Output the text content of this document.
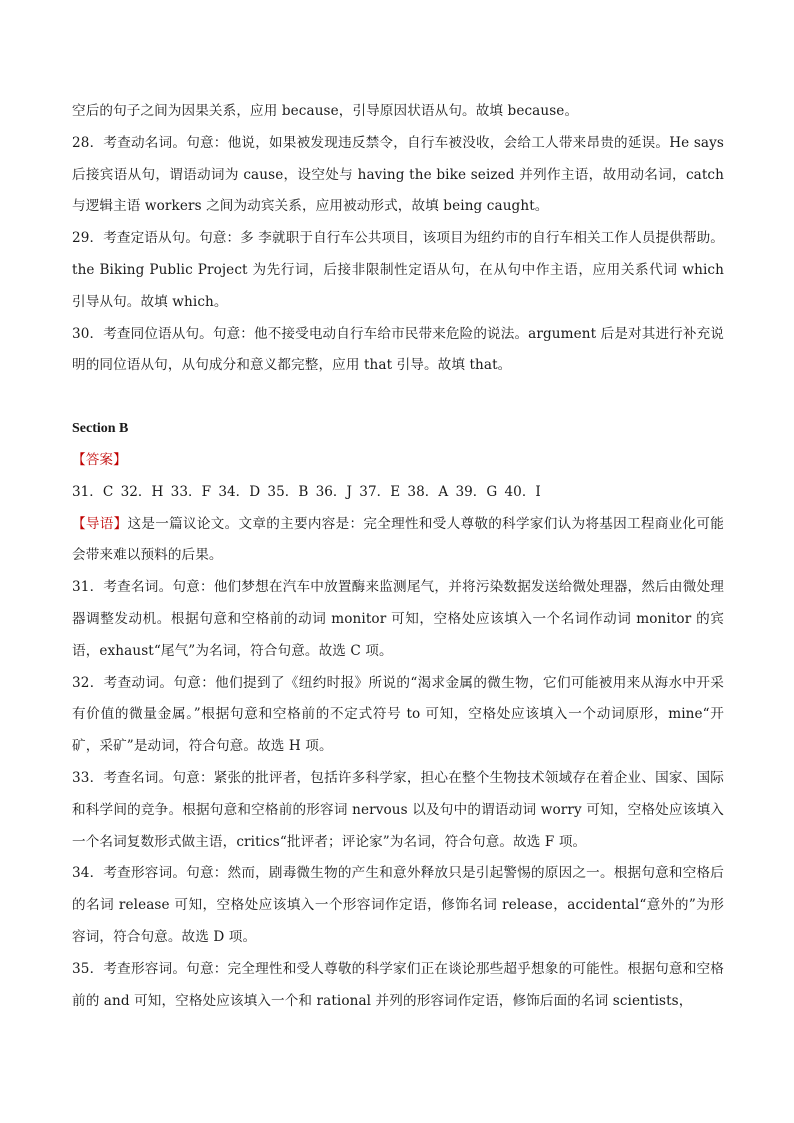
空后的句子之间为因果关系，应用 because，引导原因状语从句。故填 because。

28．考查动名词。句意：他说，如果被发现违反禁令，自行车被没收，会给工人带来昂贵的延误。He says 后接宾语从句，谓语动词为 cause，设空处与 having the bike seized 并列作主语，故用动名词，catch 与逻辑主语 workers 之间为动宾关系，应用被动形式，故填 being caught。

29．考查定语从句。句意：多 李就职于自行车公共项目，该项目为纽约市的自行车相关工作人员提供帮助。the Biking Public Project 为先行词，后接非限制性定语从句，在从句中作主语，应用关系代词 which 引导从句。故填 which。

30．考查同位语从句。句意：他不接受电动自行车给市民带来危险的说法。argument 后是对其进行补充说明的同位语从句，从句成分和意义都完整，应用 that 引导。故填 that。

Section B

【答案】

31．C 32．H 33．F 34．D 35．B 36．J 37．E 38．A 39．G 40．I

【导语】这是一篇议论文。文章的主要内容是：完全理性和受人尊敬的科学家们认为将基因工程商业化可能会带来难以预料的后果。

31．考查名词。句意：他们梦想在汽车中放置酶来监测尾气，并将污染数据发送给微处理器，然后由微处理器调整发动机。根据句意和空格前的动词 monitor 可知，空格处应该填入一个名词作动词 monitor 的宾语，exhaust“尾气”为名词，符合句意。故选 C 项。

32．考查动词。句意：他们提到了《纽约时报》所说的“渴求金属的微生物，它们可能被用来从海水中开采有价值的微量金属。”根据句意和空格前的不定式符号 to 可知，空格处应该填入一个动词原形，mine“开矿，采矿”是动词，符合句意。故选 H 项。

33．考查名词。句意：紧张的批评者，包括许多科学家，担心在整个生物技术领域存在着企业、国家、国际和科学间的竞争。根据句意和空格前的形容词 nervous 以及句中的谓语动词 worry 可知，空格处应该填入一个名词复数形式做主语，critics“批评者；评论家”为名词，符合句意。故选 F 项。

34．考查形容词。句意：然而，剧毒微生物的产生和意外释放只是引起警惕的原因之一。根据句意和空格后的名词 release 可知，空格处应该填入一个形容词作定语，修饰名词 release，accidental“意外的”为形容词，符合句意。故选 D 项。

35．考查形容词。句意：完全理性和受人尊敬的科学家们正在谈论那些超乎想象的可能性。根据句意和空格前的 and 可知，空格处应该填入一个和 rational 并列的形容词作定语，修饰后面的名词 scientists，
